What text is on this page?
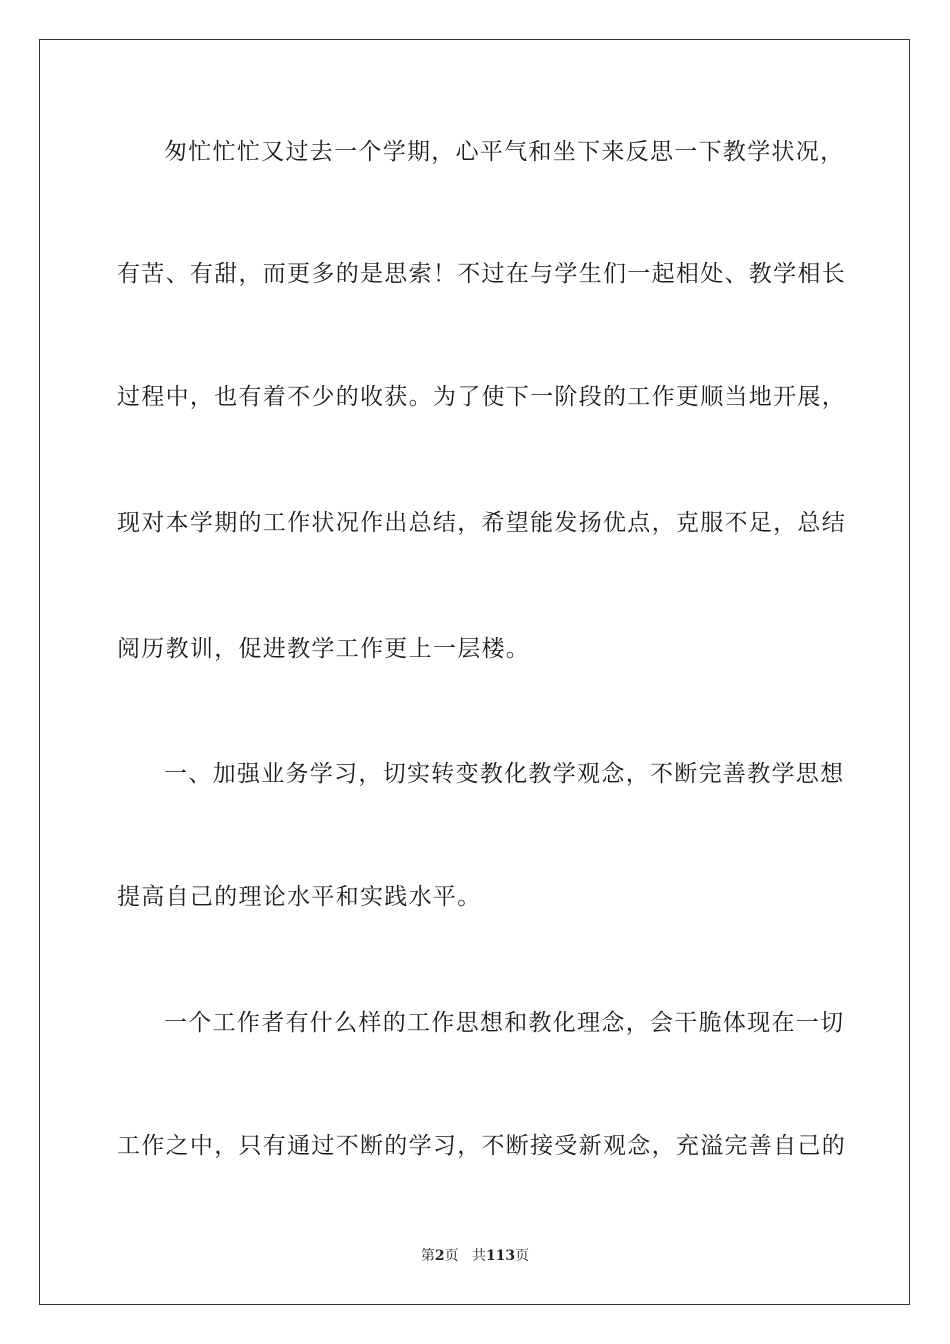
匆忙忙忙又过去一个学期，心平气和坐下来反思一下教学状况，
有苦、有甜，而更多的是思索！不过在与学生们一起相处、教学相长
过程中，也有着不少的收获。为了使下一阶段的工作更顺当地开展，
现对本学期的工作状况作出总结，希望能发扬优点，克服不足，总结
阅历教训，促进教学工作更上一层楼。
一、加强业务学习，切实转变教化教学观念，不断完善教学思想
提高自己的理论水平和实践水平。
一个工作者有什么样的工作思想和教化理念，会干脆体现在一切
工作之中，只有通过不断的学习，不断接受新观念，充溢完善自己的
第2页 共113页
